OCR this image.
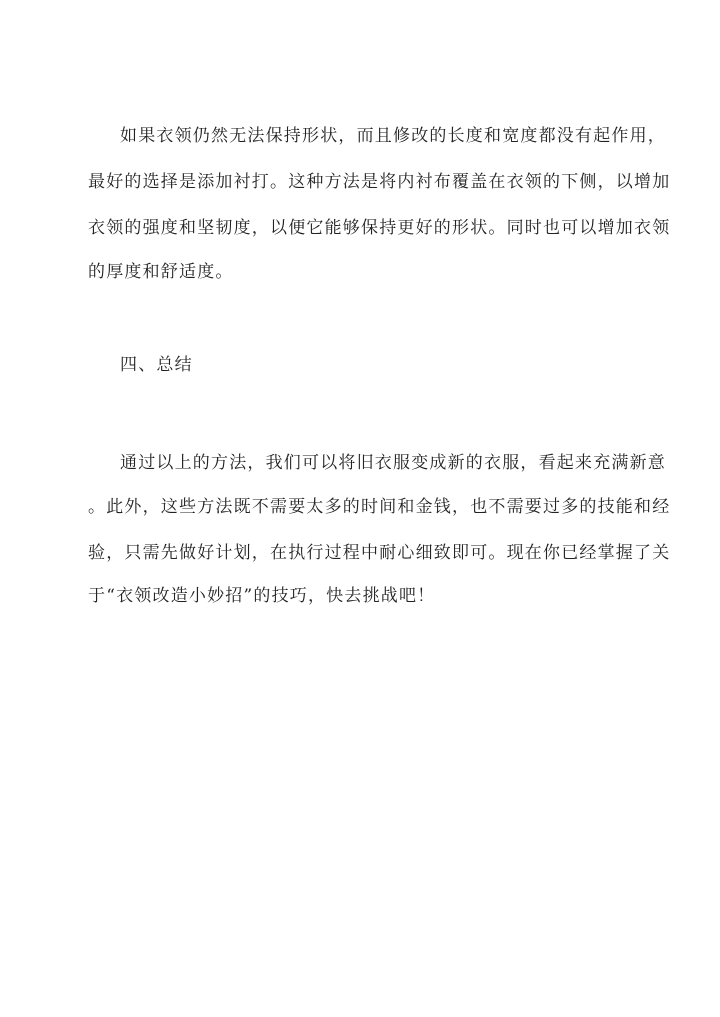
如果衣领仍然无法保持形状，而且修改的长度和宽度都没有起作用，
最好的选择是添加衬打。这种方法是将内衬布覆盖在衣领的下侧，以增加
衣领的强度和坚韧度，以便它能够保持更好的形状。同时也可以增加衣领
的厚度和舒适度。
四、总结
通过以上的方法，我们可以将旧衣服变成新的衣服，看起来充满新意
。此外，这些方法既不需要太多的时间和金钱，也不需要过多的技能和经
验，只需先做好计划，在执行过程中耐心细致即可。现在你已经掌握了关
于“衣领改造小妙招”的技巧，快去挑战吧！
